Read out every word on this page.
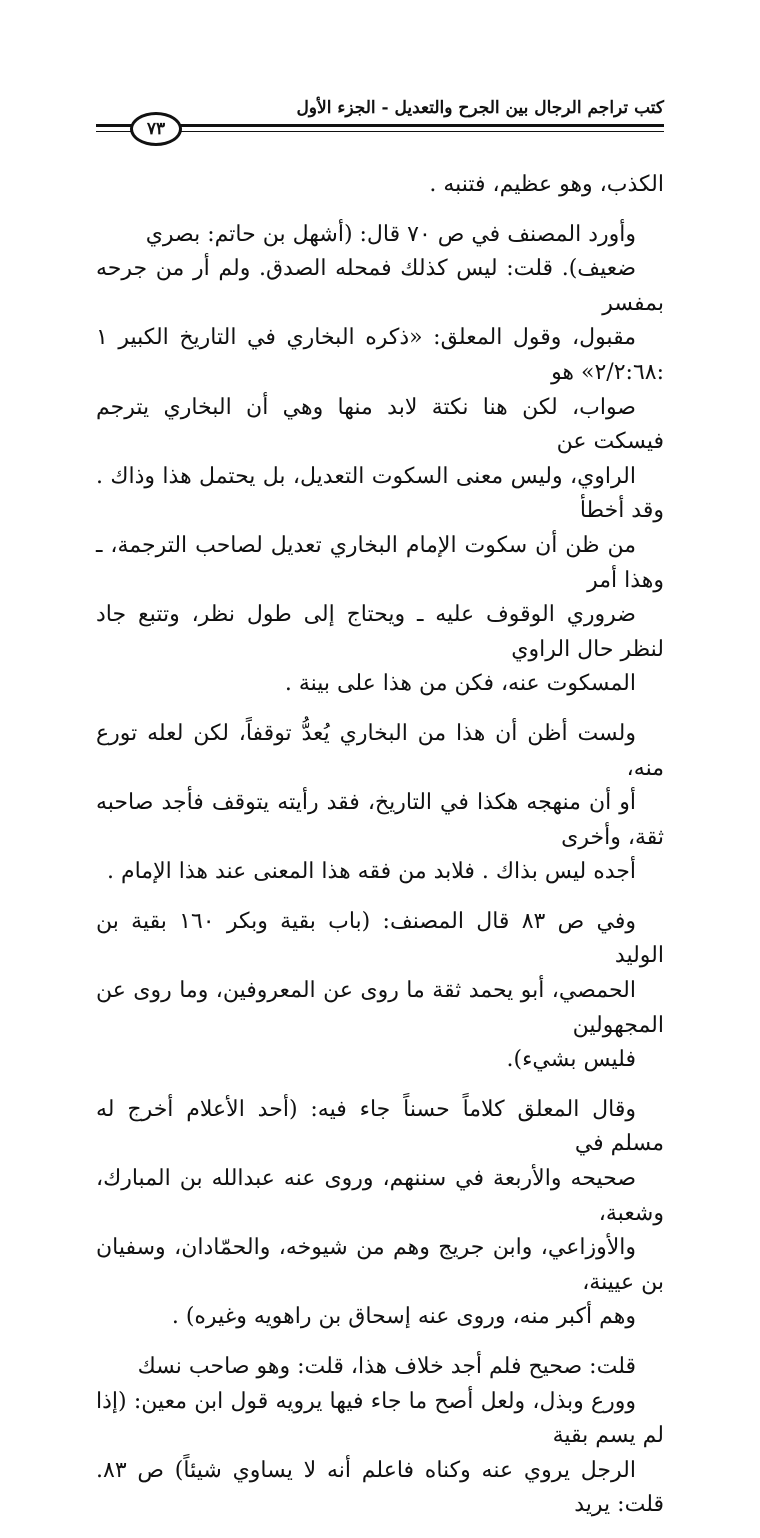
كتب تراجم الرجال بين الجرح والتعديل - الجزء الأول
٧٣

الكذب، وهو عظيم، فتنبه .

وأورد المصنف في ص ٧٠ قال: (أشهل بن حاتم: بصري
ضعيف). قلت: ليس كذلك فمحله الصدق. ولم أر من جرحه بمفسر
مقبول، وقول المعلق: «ذكره البخاري في التاريخ الكبير ١ :٢/٢:٦٨» هو
صواب، لكن هنا نكتة لابد منها وهي أن البخاري يترجم فيسكت عن
الراوي، وليس معنى السكوت التعديل، بل يحتمل هذا وذاك . وقد أخطأ
من ظن أن سكوت الإمام البخاري تعديل لصاحب الترجمة، ـ وهذا أمر
ضروري الوقوف عليه ـ ويحتاج إلى طول نظر، وتتبع جاد لنظر حال الراوي
المسكوت عنه، فكن من هذا على بينة .

ولست أظن أن هذا من البخاري يُعدُّ توقفاً، لكن لعله تورع منه،
أو أن منهجه هكذا في التاريخ، فقد رأيته يتوقف فأجد صاحبه ثقة، وأخرى
أجده ليس بذاك . فلابد من فقه هذا المعنى عند هذا الإمام .

وفي ص ٨٣ قال المصنف: (باب بقية وبكر ١٦٠ بقية بن الوليد
الحمصي، أبو يحمد ثقة ما روى عن المعروفين، وما روى عن المجهولين
فليس بشيء).

وقال المعلق كلاماً حسناً جاء فيه: (أحد الأعلام أخرج له مسلم في
صحيحه والأربعة في سننهم، وروى عنه عبدالله بن المبارك، وشعبة،
والأوزاعي، وابن جريج وهم من شيوخه، والحمّادان، وسفيان بن عيينة،
وهم أكبر منه، وروى عنه إسحاق بن راهويه وغيره) .

قلت: صحيح فلم أجد خلاف هذا، قلت: وهو صاحب نسك
وورع وبذل، ولعل أصح ما جاء فيها يرويه قول ابن معين: (إذا لم يسم بقية
الرجل يروي عنه وكناه فاعلم أنه لا يساوي شيئاً) ص ٨٣. قلت: يريد
